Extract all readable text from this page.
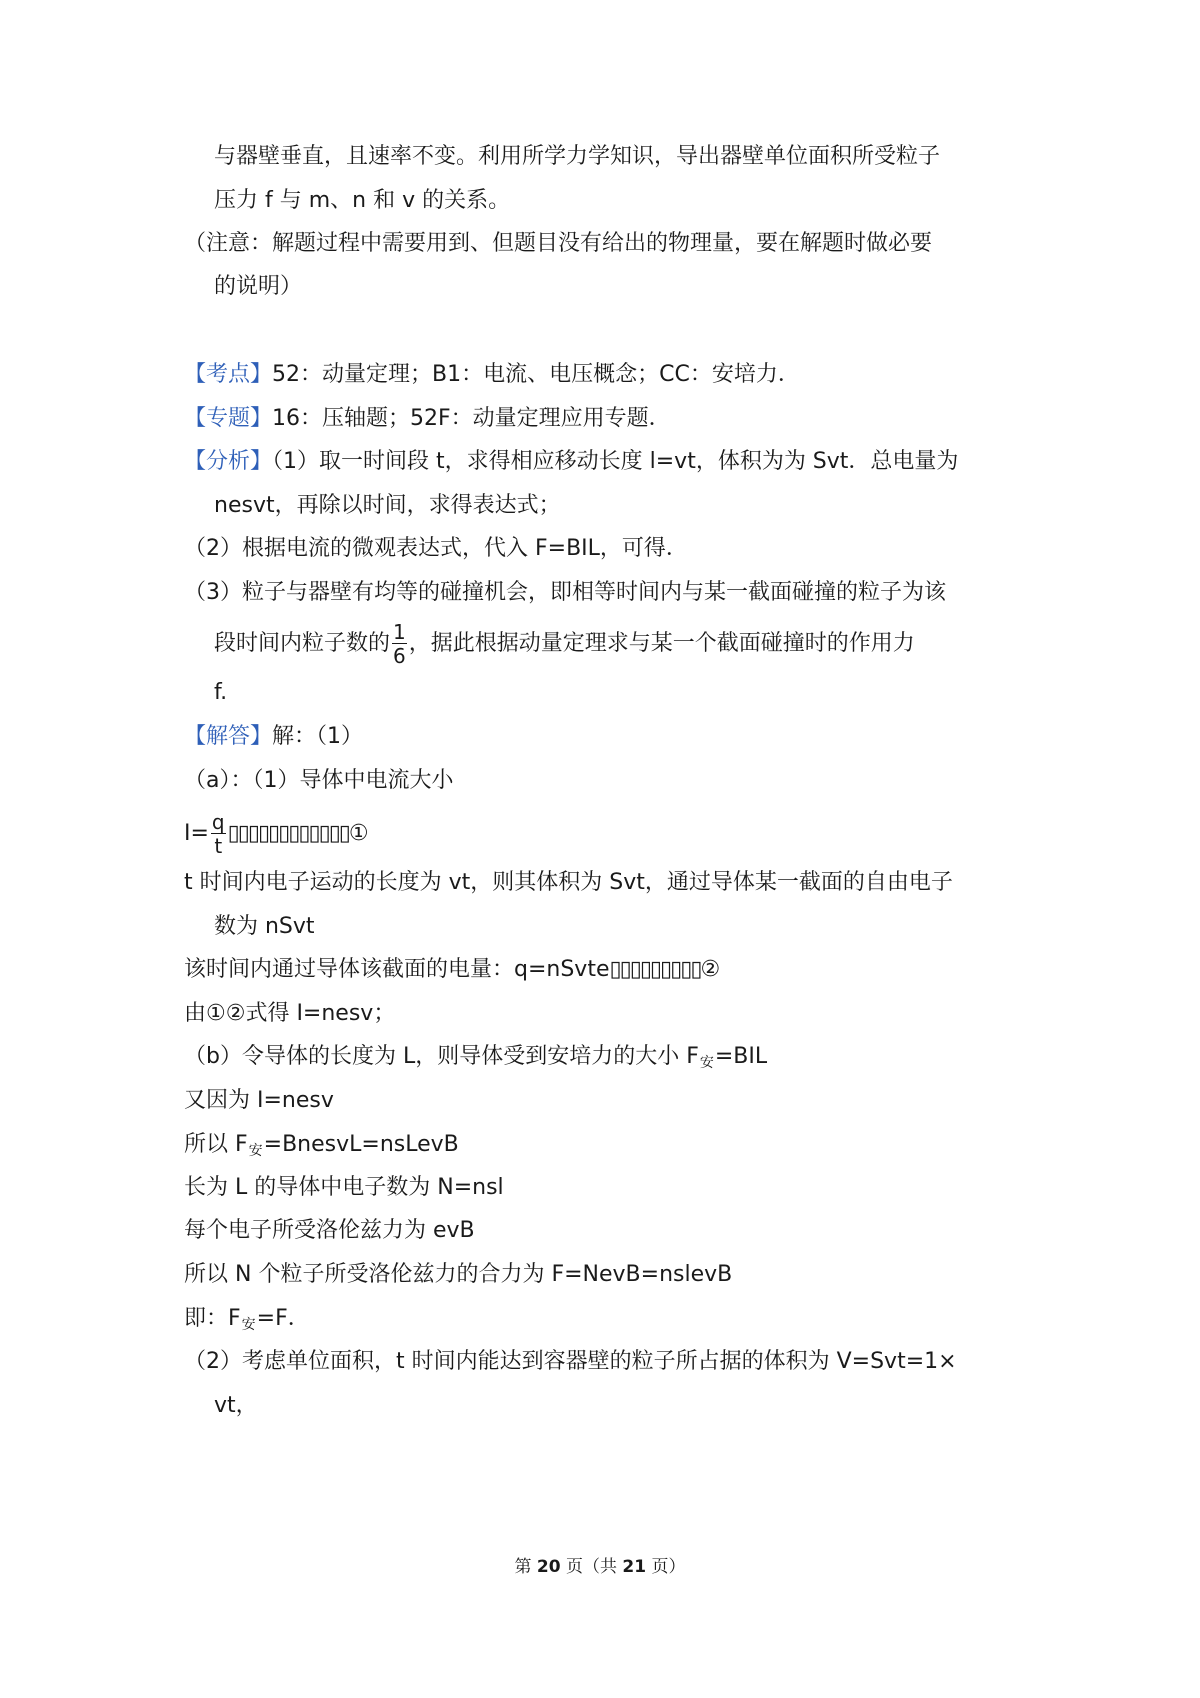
与器壁垂直，且速率不变。利用所学力学知识，导出器壁单位面积所受粒子
压力 f 与 m、n 和 v 的关系。
（注意：解题过程中需要用到、但题目没有给出的物理量，要在解题时做必要
的说明）
【考点】52：动量定理；B1：电流、电压概念；CC：安培力．
【专题】16：压轴题；52F：动量定理应用专题．
【分析】（1）取一时间段 t，求得相应移动长度 l=vt，体积为为 Svt．总电量为
nesvt，再除以时间，求得表达式；
（2）根据电流的微观表达式，代入 F=BIL，可得．
（3）粒子与器壁有均等的碰撞机会，即相等时间内与某一截面碰撞的粒子为该
段时间内粒子数的 $\frac{1}{6}$ ，据此根据动量定理求与某一个截面碰撞时的作用力
f.
【解答】解：（1）
（a）：（1）导体中电流大小
$I= \frac{q}{t}$ ▯▯▯▯▯▯▯▯▯▯▯▯①
t 时间内电子运动的长度为 vt，则其体积为 Svt，通过导体某一截面的自由电子
数为 nSvt
该时间内通过导体该截面的电量：q=nSvte▯▯▯▯▯▯▯▯▯②
由①②式得 I=nesv；
（b）令导体的长度为 L，则导体受到安培力的大小 F安=BIL
又因为 I=nesv
所以 F安=BnesvL=nsLevB
长为 L 的导体中电子数为 N=nsl
每个电子所受洛伦兹力为 evB
所以 N 个粒子所受洛伦兹力的合力为 F=NevB=nslevB
即：F安=F．
（2）考虑单位面积，t 时间内能达到容器壁的粒子所占据的体积为 V=Svt=1×
vt，
第 20 页（共 21 页）
